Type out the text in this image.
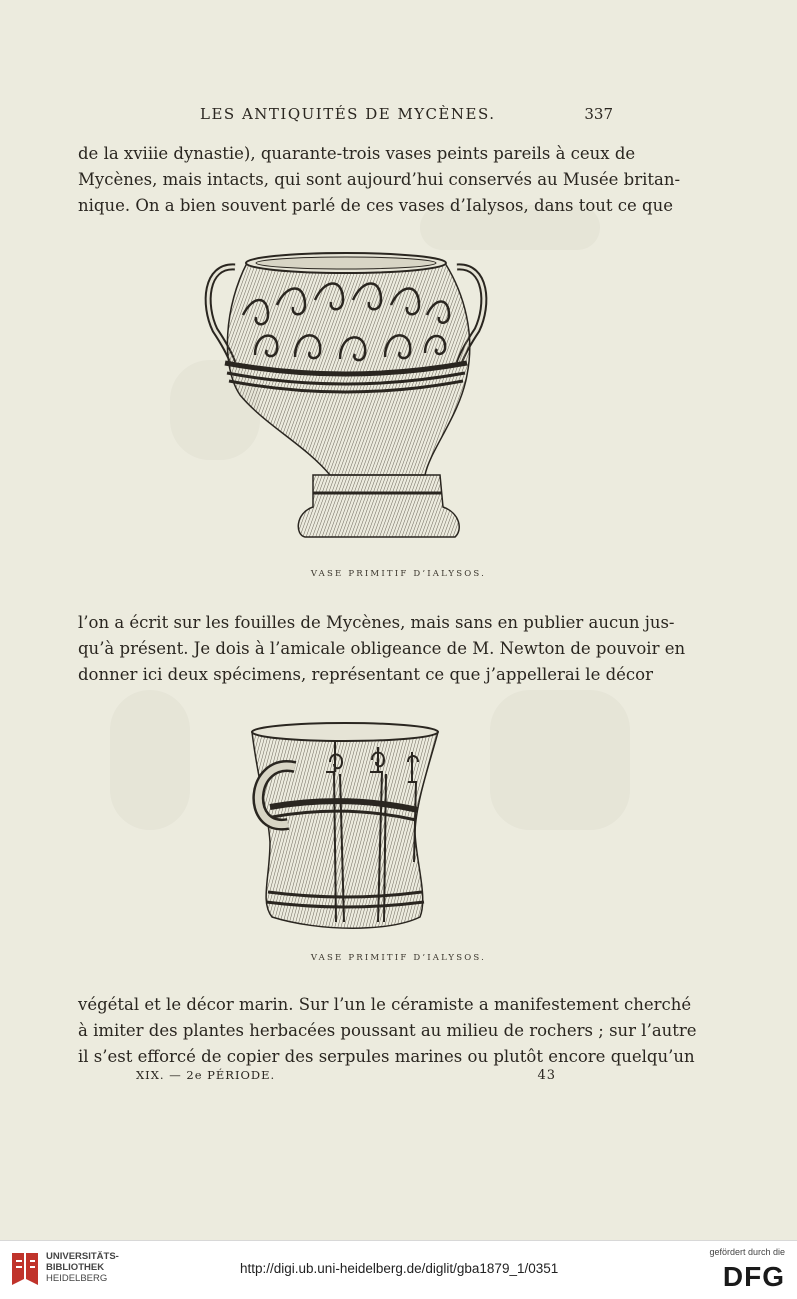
LES ANTIQUITÉS DE MYCÈNES.	337

de la xviiie dynastie), quarante-trois vases peints pareils à ceux de
Mycènes, mais intacts, qui sont aujourd’hui conservés au Musée britan-
nique. On a bien souvent parlé de ces vases d’Ialysos, dans tout ce que

VASE PRIMITIF D’IALYSOS.

l’on a écrit sur les fouilles de Mycènes, mais sans en publier aucun jus-
qu’à présent. Je dois à l’amicale obligeance de M. Newton de pouvoir en
donner ici deux spécimens, représentant ce que j’appellerai le décor

VASE PRIMITIF D’IALYSOS.

végétal et le décor marin. Sur l’un le céramiste a manifestement cherché
à imiter des plantes herbacées poussant au milieu de rochers ; sur l’autre
il s’est efforcé de copier des serpules marines ou plutôt encore quelqu’un

XIX. — 2e PÉRIODE.	43
UNIVERSITÄTS-
BIBLIOTHEK
HEIDELBERG
http://digi.ub.uni-heidelberg.de/diglit/gba1879_1/0351
gefördert durch die
DFG
